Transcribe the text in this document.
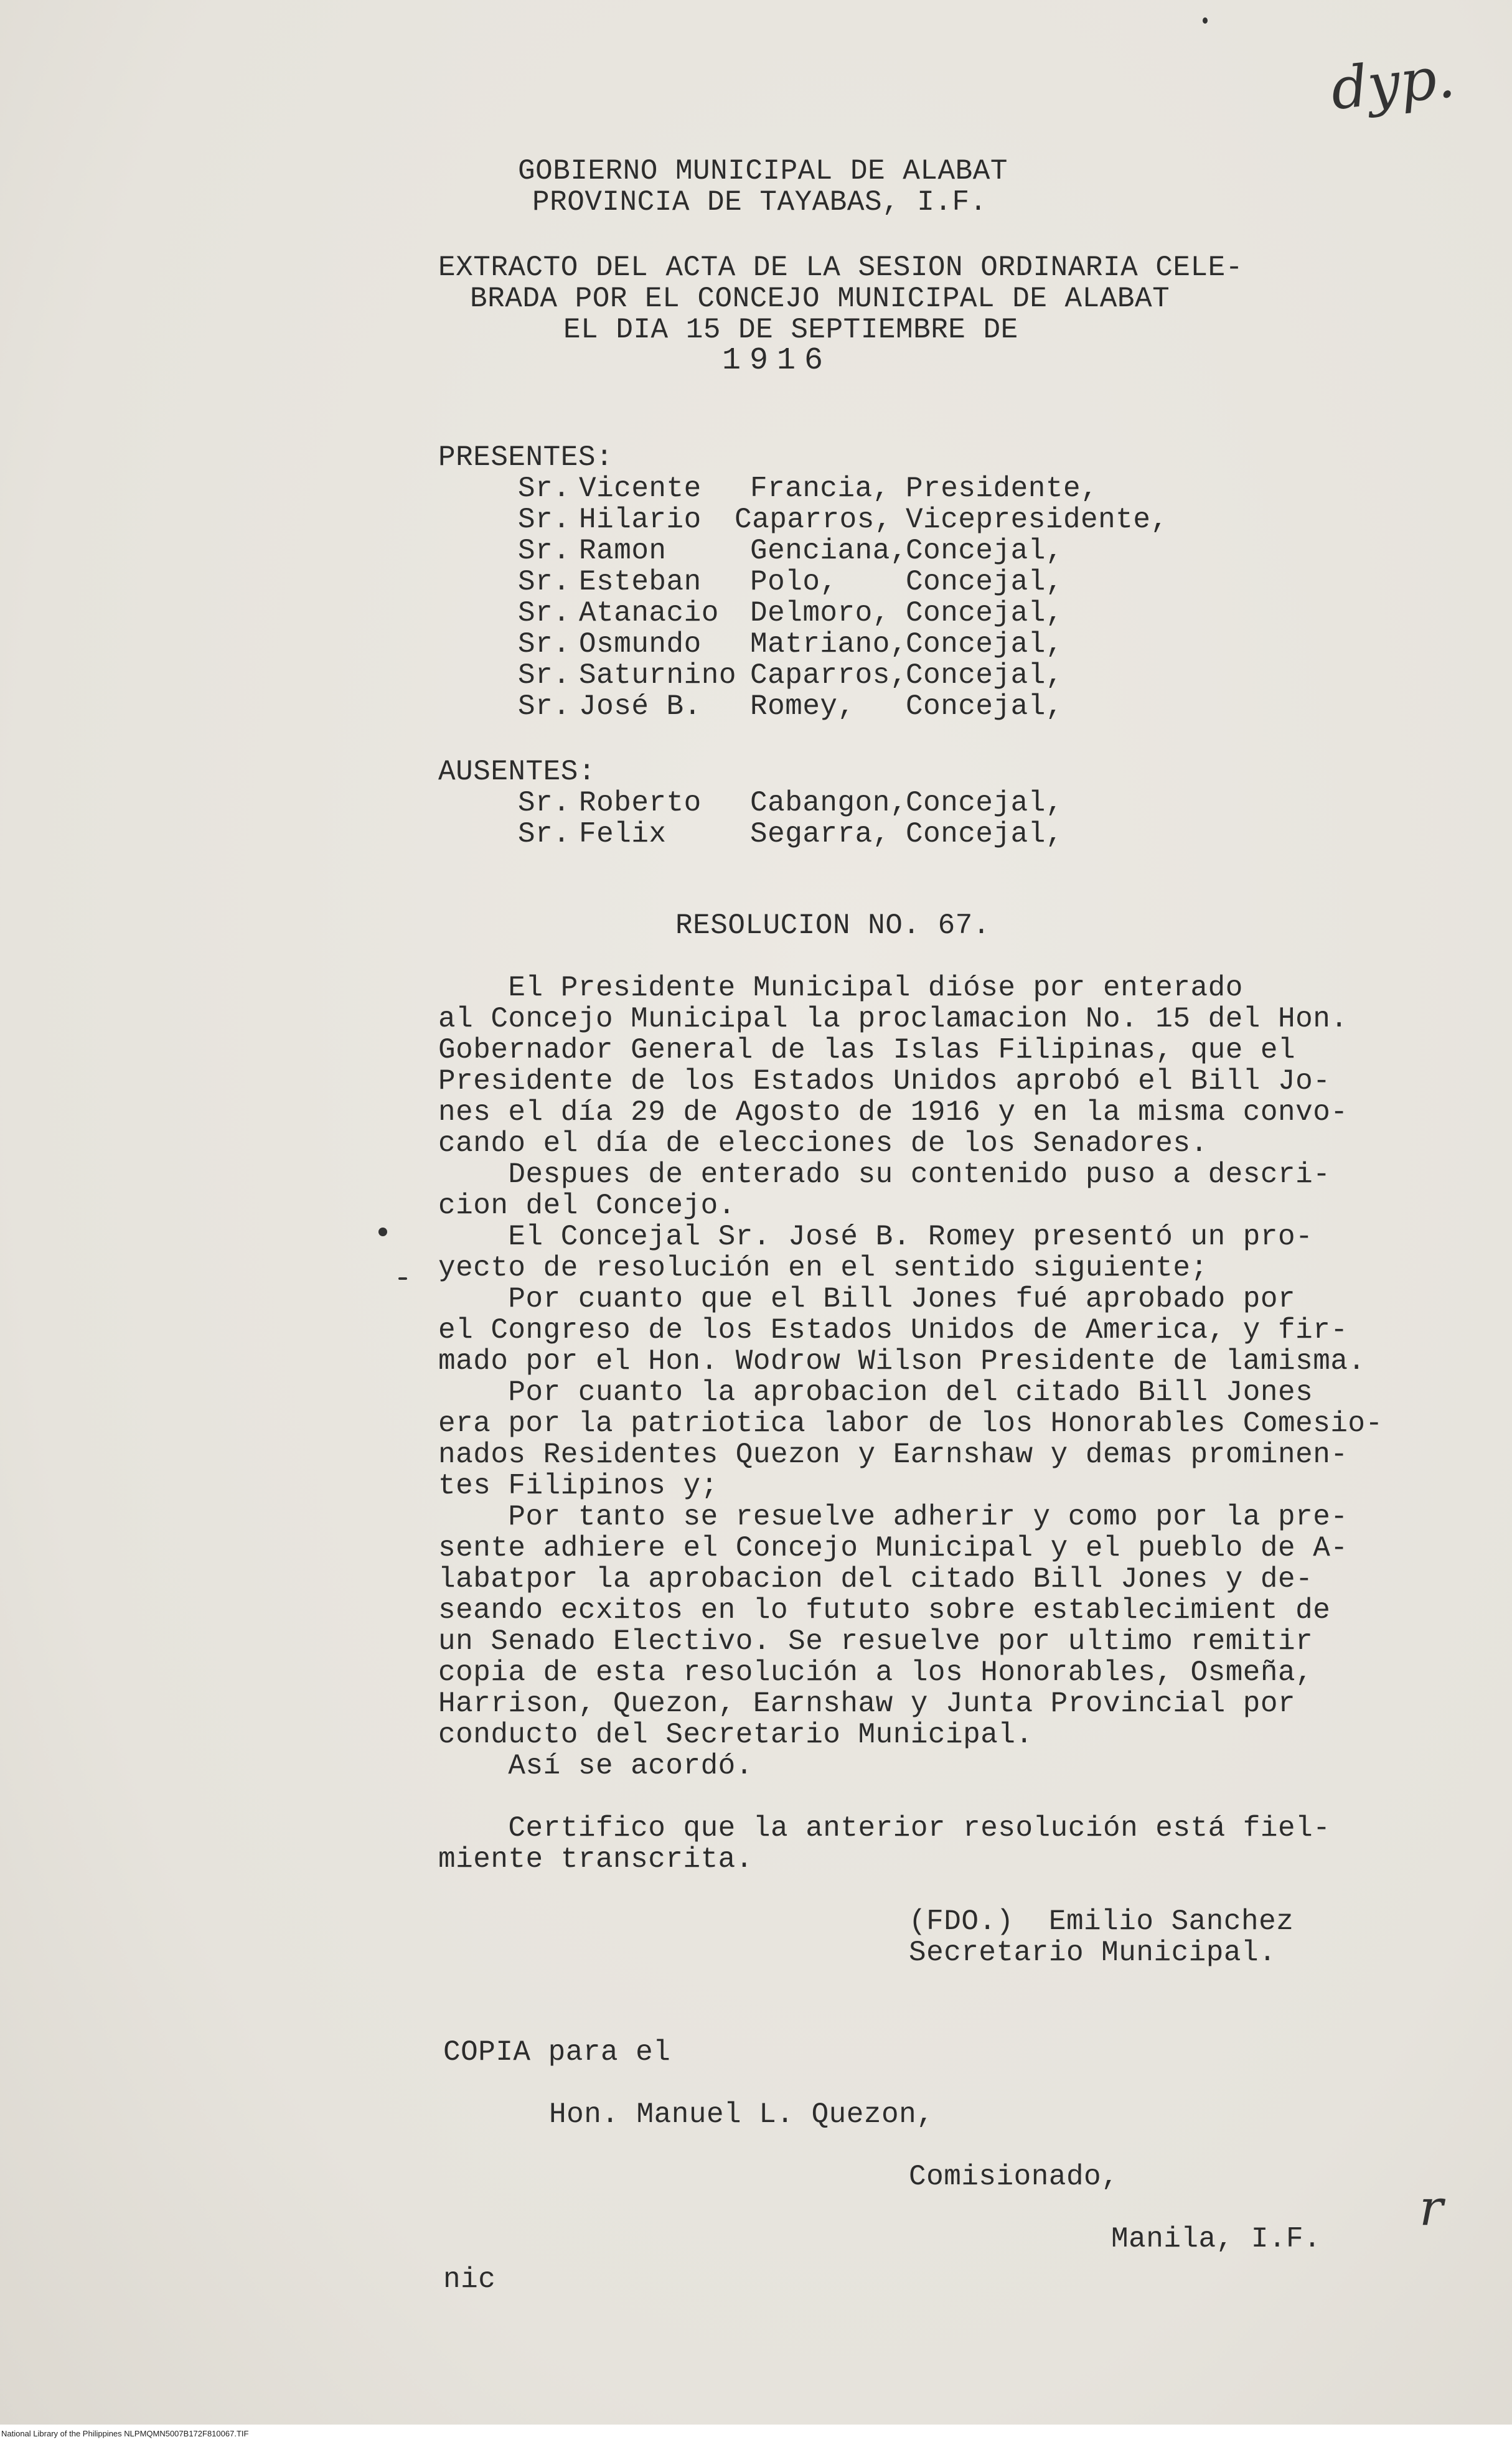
dyp.
r
GOBIERNO MUNICIPAL DE ALABAT
PROVINCIA DE TAYABAS, I.F.
EXTRACTO DEL ACTA DE LA SESION ORDINARIA CELE-
BRADA POR EL CONCEJO MUNICIPAL DE ALABAT
EL DIA 15 DE SEPTIEMBRE DE
1916
PRESENTES:
Sr. Vicente Francia, Presidente,
Sr. Hilario Caparros, Vicepresidente,
Sr. Ramon	Genciana,
Concejal,
Sr. Esteban Polo, Concejal,
Sr. Atanacio Delmoro, Concejal,
Sr. Osmundo Matriano,
Concejal,
Sr. Saturnino Caparros,
Concejal,
Sr. José B. Romey, Concejal,
AUSENTES:
Sr. Roberto Cabangon,
Concejal,
Sr. Felix	Segarra, Concejal,
RESOLUCION NO. 67.
El Presidente Municipal dióse por enterado
al Concejo Municipal la proclamacion No. 15 del Hon.
Gobernador General de las Islas Filipinas, que el
Presidente de los Estados Unidos aprobó el Bill Jo-
nes el día 29 de Agosto de 1916 y en la misma convo-
cando el día de elecciones de los Senadores.
Despues de enterado su contenido puso a descri-
cion del Concejo.
El Concejal Sr. José B. Romey presentó un pro-
yecto de resolución en el sentido siguiente;
Por cuanto que el Bill Jones fué aprobado por
el Congreso de los Estados Unidos de America, y fir-
mado por el Hon. Wodrow Wilson Presidente de lamisma.
Por cuanto la aprobacion del citado Bill Jones
era por la patriotica labor de los Honorables Comesio-
nados Residentes Quezon y Earnshaw y demas prominen-
tes Filipinos y;
Por tanto se resuelve adherir y como por la pre-
sente adhiere el Concejo Municipal y el pueblo de A-
labatpor la aprobacion del citado Bill Jones y de-
seando ecxitos en lo fututo sobre establecimient de
un Senado Electivo. Se resuelve por ultimo remitir
copia de esta resolución a los Honorables, Osmeña,
Harrison, Quezon, Earnshaw y Junta Provincial por
conducto del Secretario Municipal.
Así se acordó.
Certifico que la anterior resolución está fiel-
miente transcrita.
(FDO.)  Emilio Sanchez
Secretario Municipal.
COPIA para el
Hon. Manuel L. Quezon,
Comisionado,
Manila, I.F.
nic
National Library of the Philippines NLPMQMN5007B172F810067.TIF
